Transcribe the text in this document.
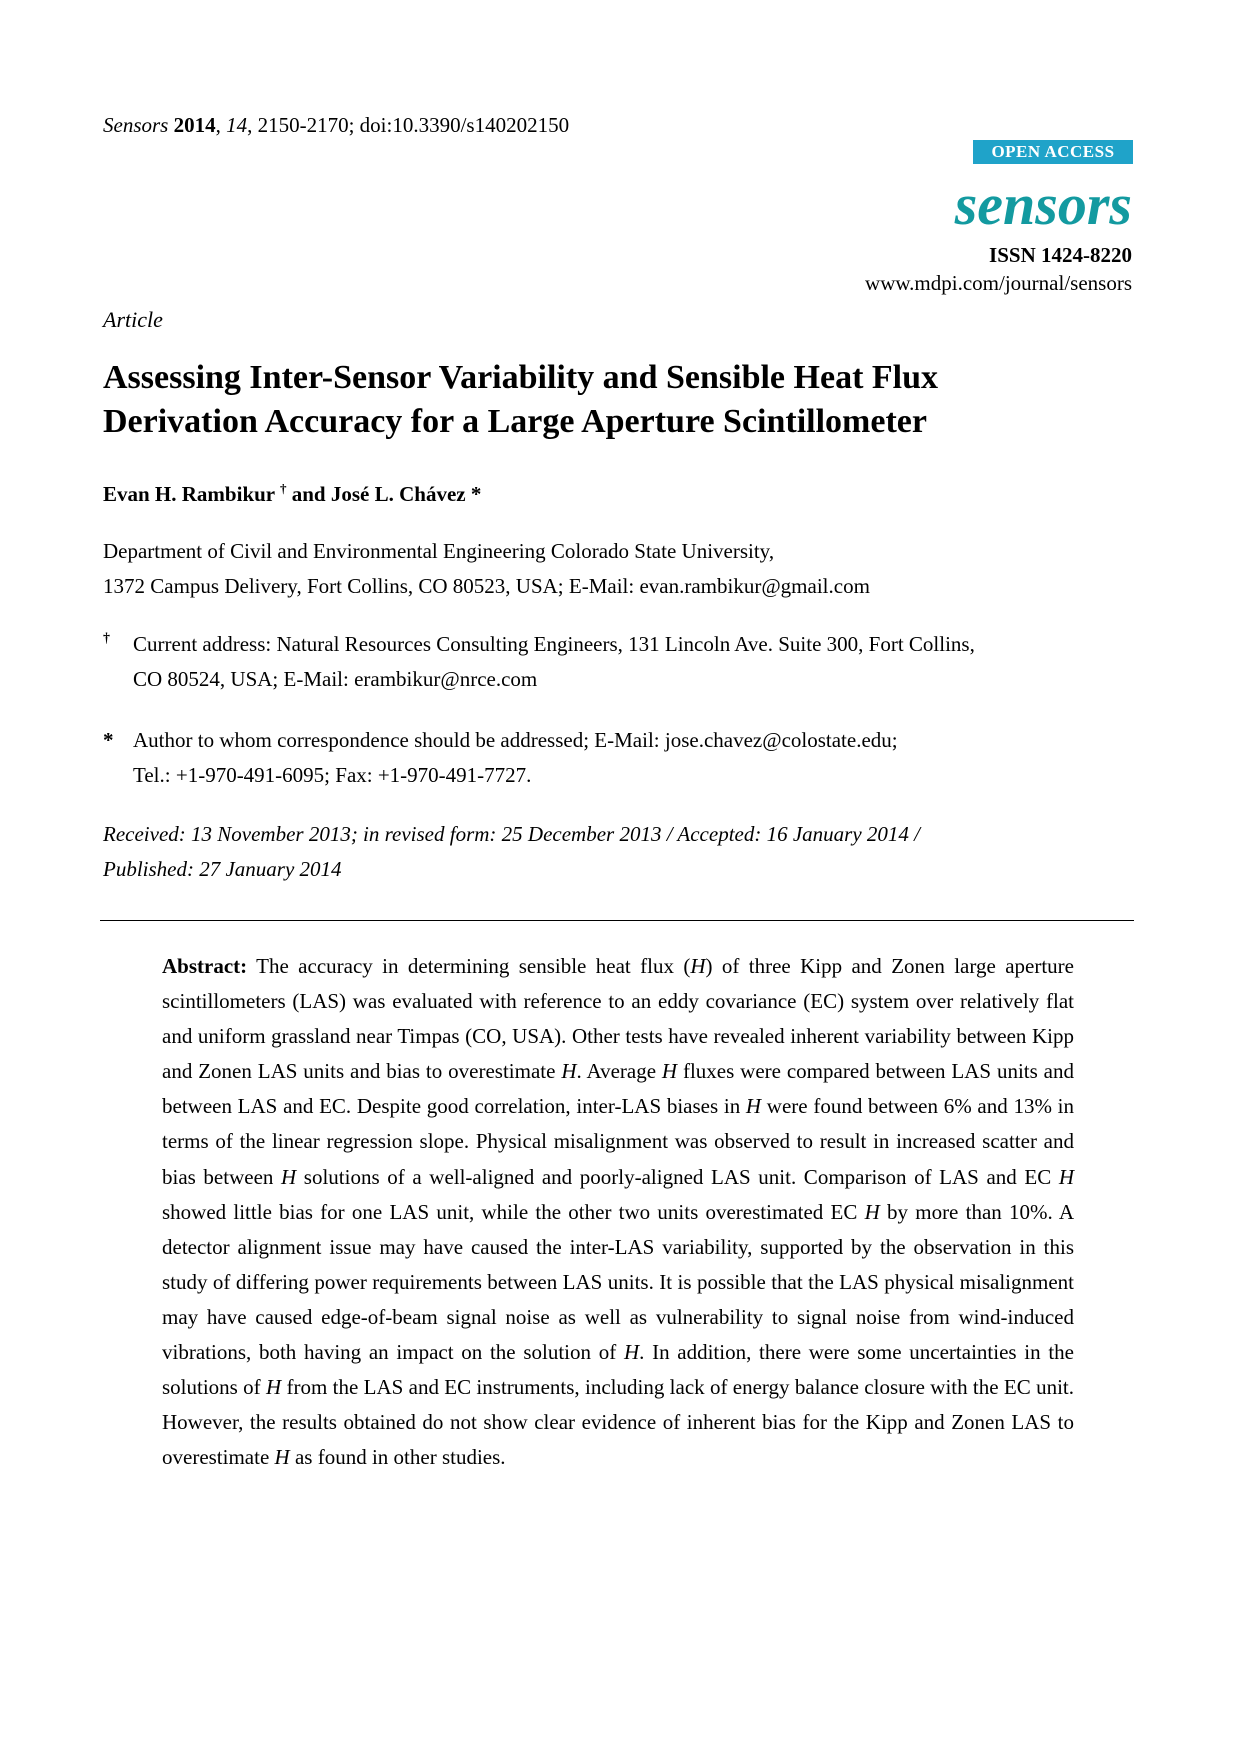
Sensors 2014, 14, 2150-2170; doi:10.3390/s140202150
OPEN ACCESS
sensors
ISSN 1424-8220
www.mdpi.com/journal/sensors
Article
Assessing Inter-Sensor Variability and Sensible Heat Flux
Derivation Accuracy for a Large Aperture Scintillometer
Evan H. Rambikur † and José L. Chávez *
Department of Civil and Environmental Engineering Colorado State University,
1372 Campus Delivery, Fort Collins, CO 80523, USA; E-Mail: evan.rambikur@gmail.com
†	Current address: Natural Resources Consulting Engineers, 131 Lincoln Ave. Suite 300, Fort Collins,
CO 80524, USA; E-Mail: erambikur@nrce.com
* Author to whom correspondence should be addressed; E-Mail: jose.chavez@colostate.edu;
Tel.: +1-970-491-6095; Fax: +1-970-491-7727.
Received: 13 November 2013; in revised form: 25 December 2013 / Accepted: 16 January 2014 /
Published: 27 January 2014
Abstract: The accuracy in determining sensible heat flux (H) of three Kipp and Zonen large aperture scintillometers (LAS) was evaluated with reference to an eddy covariance (EC) system over relatively flat and uniform grassland near Timpas (CO, USA). Other tests have revealed inherent variability between Kipp and Zonen LAS units and bias to overestimate H. Average H fluxes were compared between LAS units and between LAS and EC. Despite good correlation, inter-LAS biases in H were found between 6% and 13% in terms of the linear regression slope. Physical misalignment was observed to result in increased scatter and bias between H solutions of a well-aligned and poorly-aligned LAS unit. Comparison of LAS and EC H showed little bias for one LAS unit, while the other two units overestimated EC H by more than 10%. A detector alignment issue may have caused the inter-LAS variability, supported by the observation in this study of differing power requirements between LAS units. It is possible that the LAS physical misalignment may have caused edge-of-beam signal noise as well as vulnerability to signal noise from wind-induced vibrations, both having an impact on the solution of H. In addition, there were some uncertainties in the solutions of H from the LAS and EC instruments, including lack of energy balance closure with the EC unit. However, the results obtained do not show clear evidence of inherent bias for the Kipp and Zonen LAS to overestimate H as found in other studies.
